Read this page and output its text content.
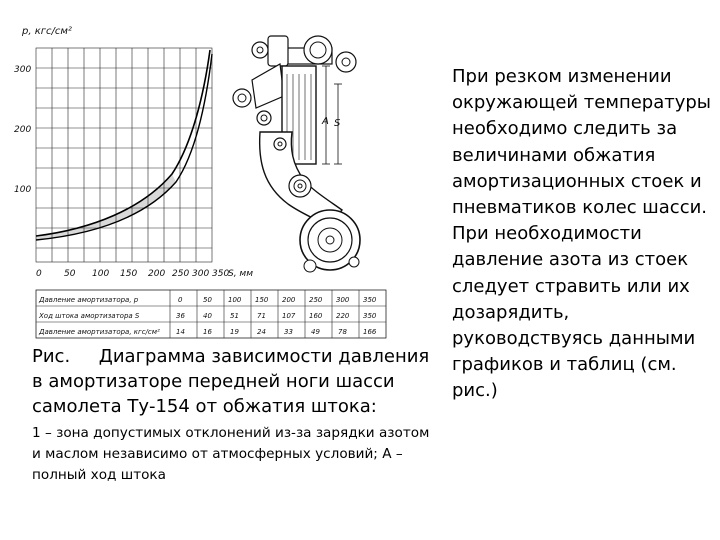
p, кгс/см²
300
200
100
0 50 100 150 200 250 300 350
S, мм
Давление амортизатора, p	0	50 100 150 200 250 300 350
Ход штока амортизатора S	36	40	51	71 107 160 220 350
Давление амортизатора, кгс/см² 14	16	19	24	33	49	78 166
A S

Рис.     Диаграмма зависимости давления в амортизаторе передней ноги шасси самолета Ту-154 от обжатия штока:

1 – зона допустимых отклонений из-за зарядки азотом и маслом независимо от атмосферных условий; А – полный ход штока

При резком изменении окружающей температуры необходимо следить за величинами обжатия амортизационных стоек и пневматиков колес шасси. При необходимости давление азота из стоек следует стравить или их дозарядить, руководствуясь данными графиков и таблиц (см. рис.)
